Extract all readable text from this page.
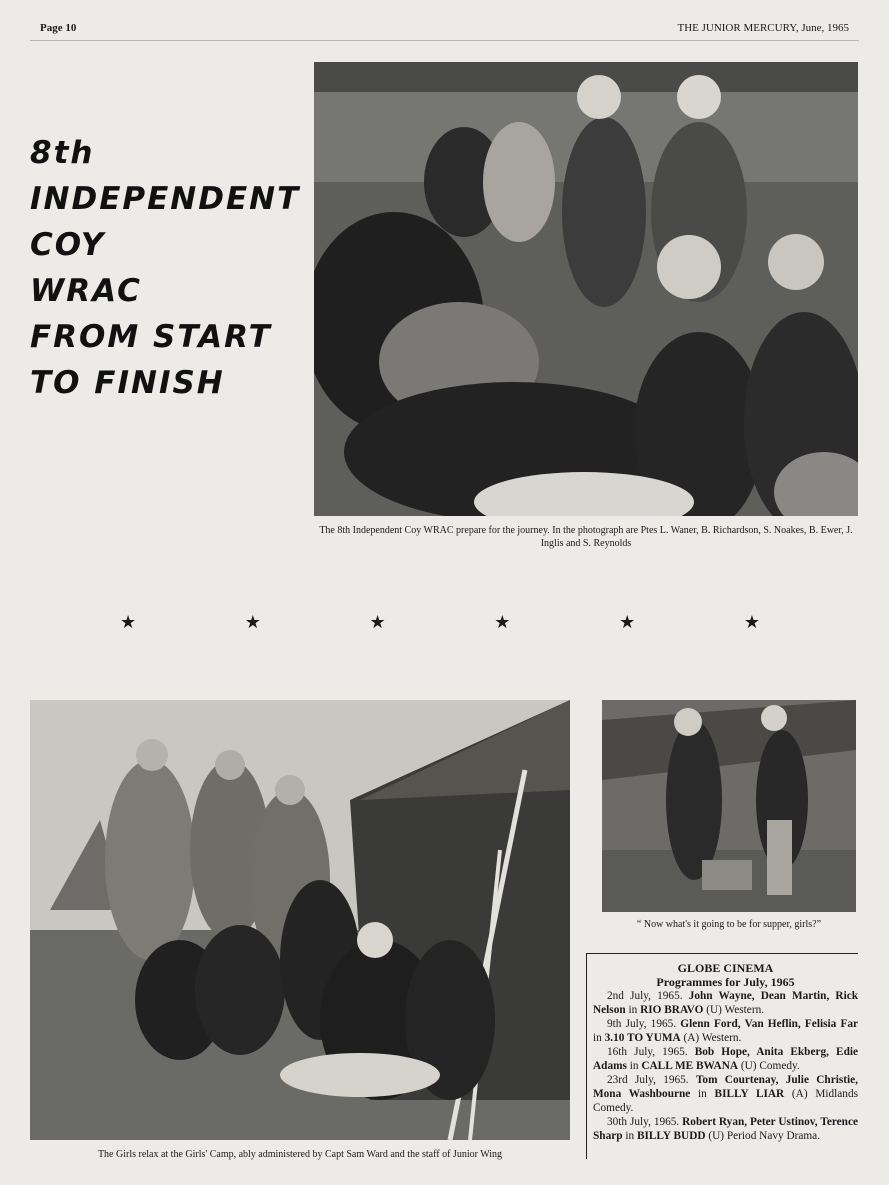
Page 10	THE JUNIOR MERCURY, June, 1965
8th
INDEPENDENT
COY
WRAC
FROM START
TO FINISH
The 8th Independent Coy WRAC prepare for the journey. In the photograph are Ptes L. Waner, B. Richardson, S. Noakes, B. Ewer, J. Inglis and S. Reynolds
★	★	★	★	★	★
The Girls relax at the Girls' Camp, ably administered by Capt Sam Ward and the staff of Junior Wing
“ Now what's it going to be for supper, girls?”
GLOBE CINEMA
Programmes for July, 1965

2nd July, 1965. John Wayne, Dean Martin, Rick Nelson in RIO BRAVO (U) Western.

9th July, 1965. Glenn Ford, Van Heflin, Felisia Far in 3.10 TO YUMA (A) Western.

16th July, 1965. Bob Hope, Anita Ekberg, Edie Adams in CALL ME BWANA (U) Comedy.

23rd July, 1965. Tom Courtenay, Julie Christie, Mona Washbourne in BILLY LIAR (A) Midlands Comedy.

30th July, 1965. Robert Ryan, Peter Ustinov, Terence Sharp in BILLY BUDD (U) Period Navy Drama.
